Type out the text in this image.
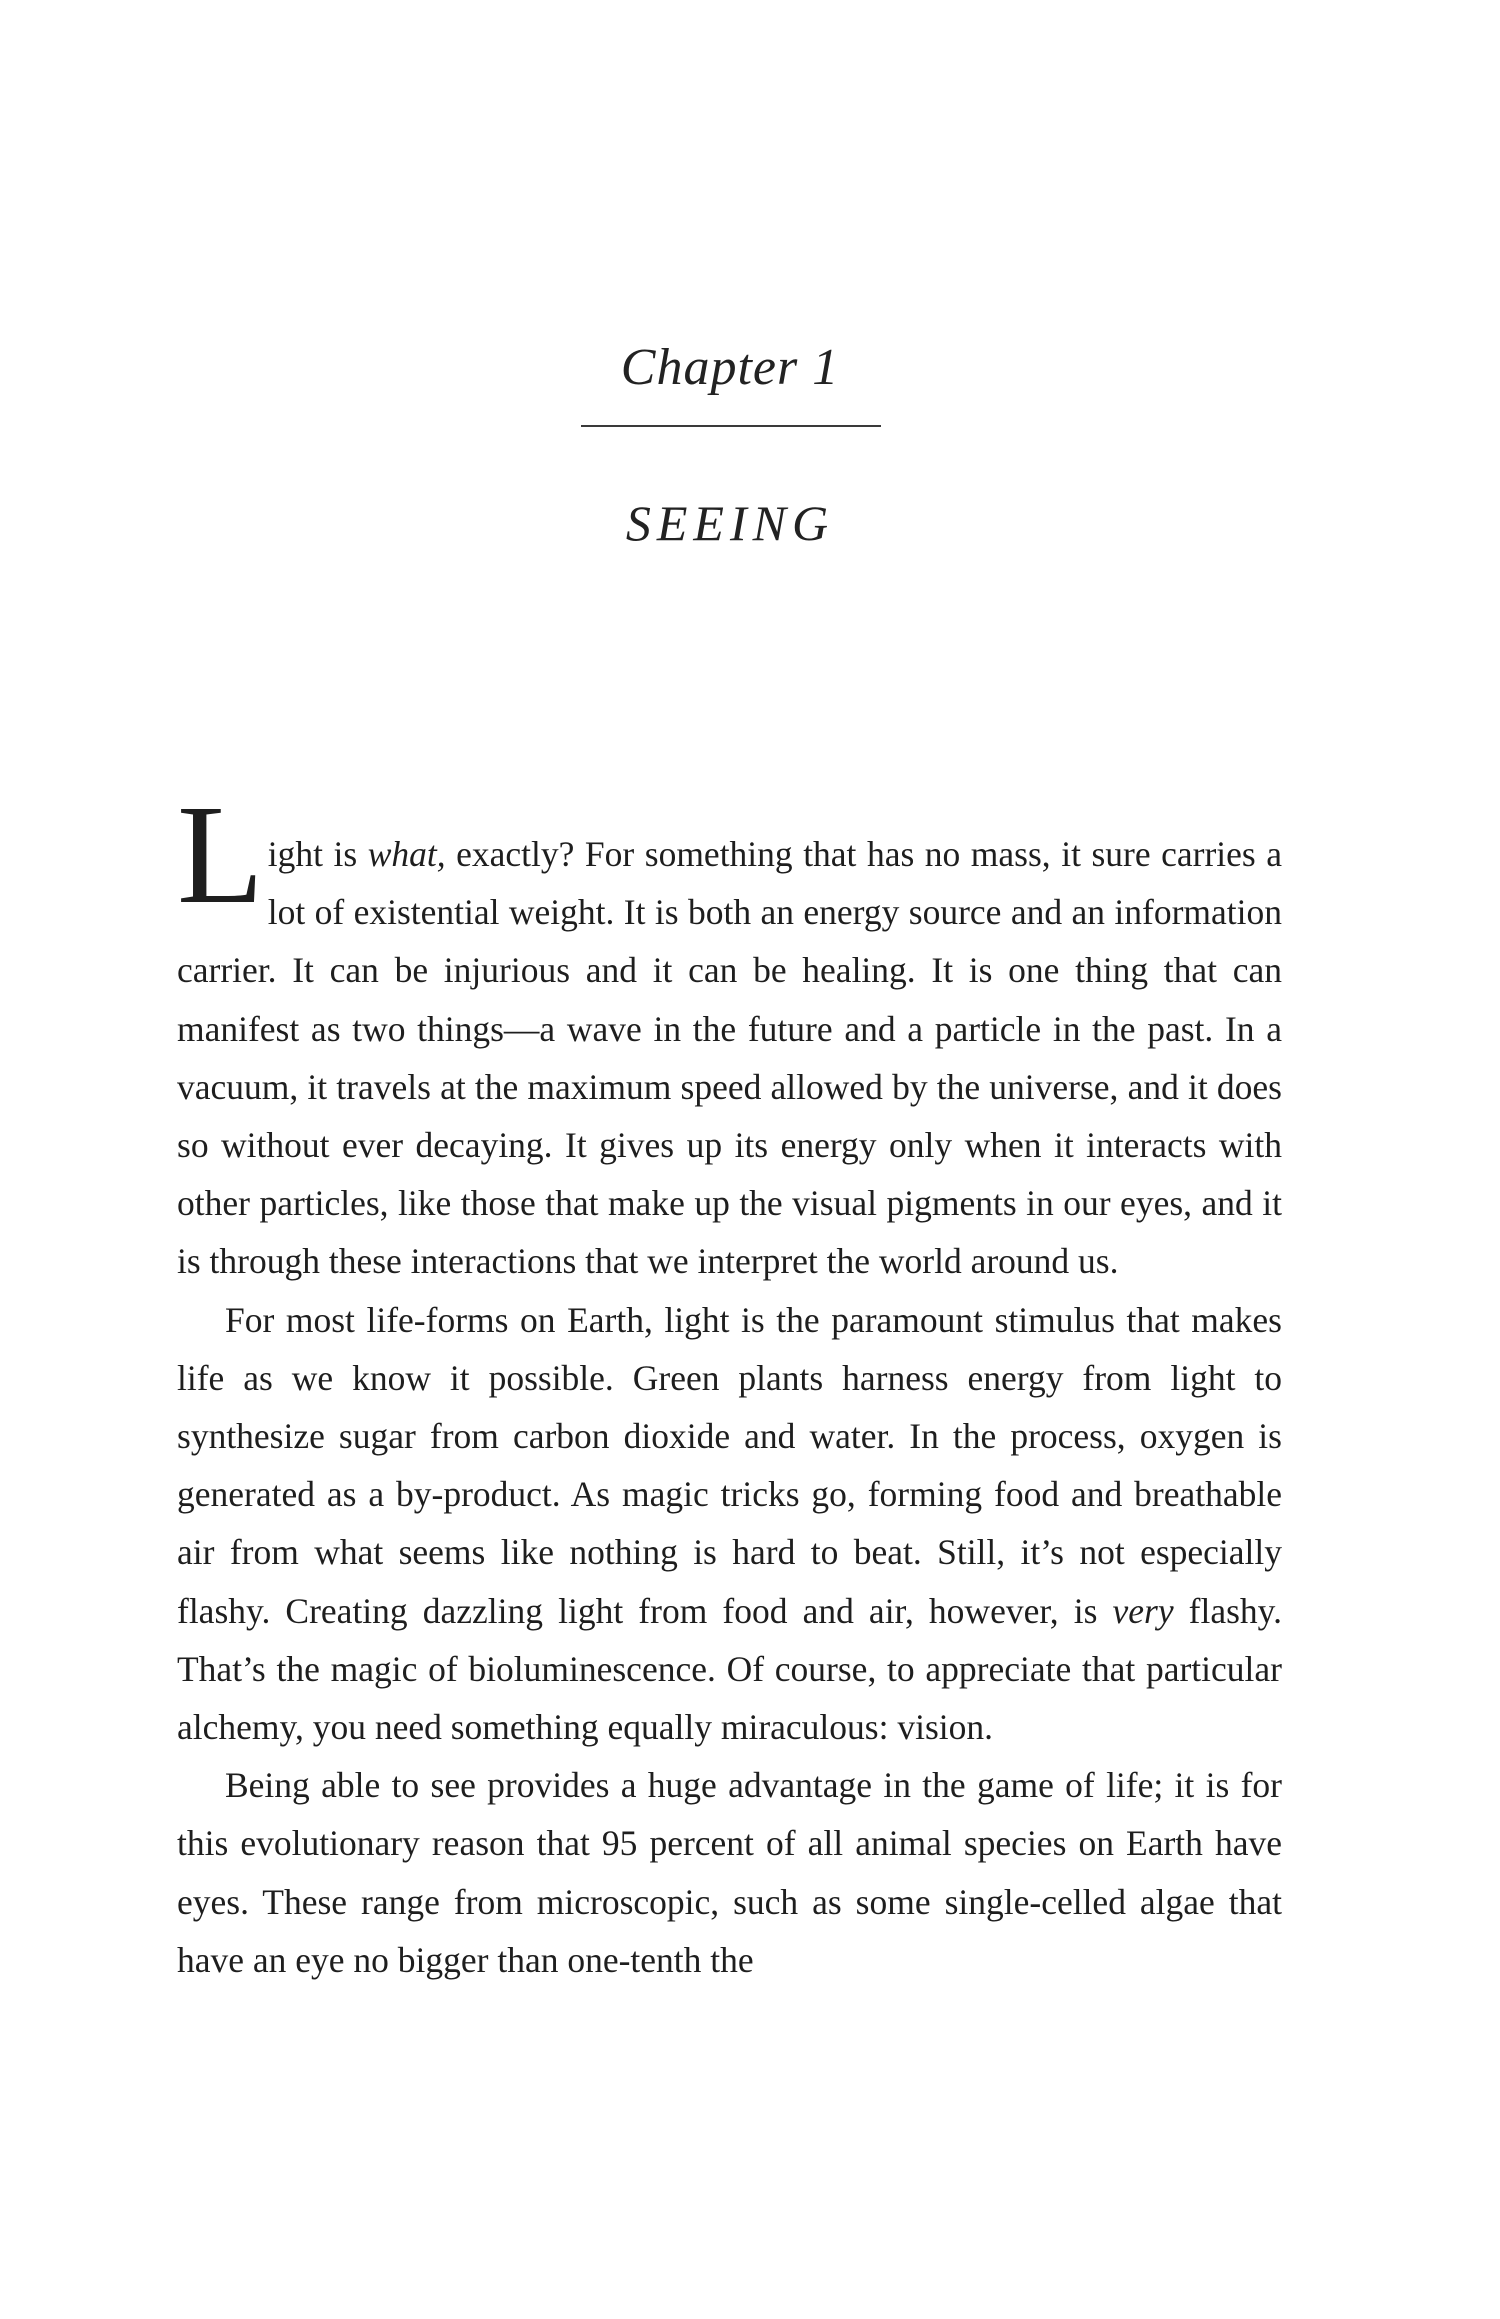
Chapter 1
SEEING

Light is what, exactly? For something that has no mass, it sure carries a lot of existential weight. It is both an energy source and an information carrier. It can be injurious and it can be healing. It is one thing that can manifest as two things—a wave in the future and a particle in the past. In a vacuum, it travels at the maximum speed allowed by the universe, and it does so without ever decaying. It gives up its energy only when it interacts with other particles, like those that make up the visual pigments in our eyes, and it is through these interactions that we interpret the world around us.

For most life-forms on Earth, light is the paramount stimulus that makes life as we know it possible. Green plants harness energy from light to synthesize sugar from carbon dioxide and water. In the process, oxygen is generated as a by-product. As magic tricks go, forming food and breathable air from what seems like nothing is hard to beat. Still, it’s not especially flashy. Creating dazzling light from food and air, however, is very flashy. That’s the magic of bioluminescence. Of course, to appreciate that particular alchemy, you need something equally miraculous: vision.

Being able to see provides a huge advantage in the game of life; it is for this evolutionary reason that 95 percent of all animal species on Earth have eyes. These range from microscopic, such as some single-celled algae that have an eye no bigger than one-tenth the
